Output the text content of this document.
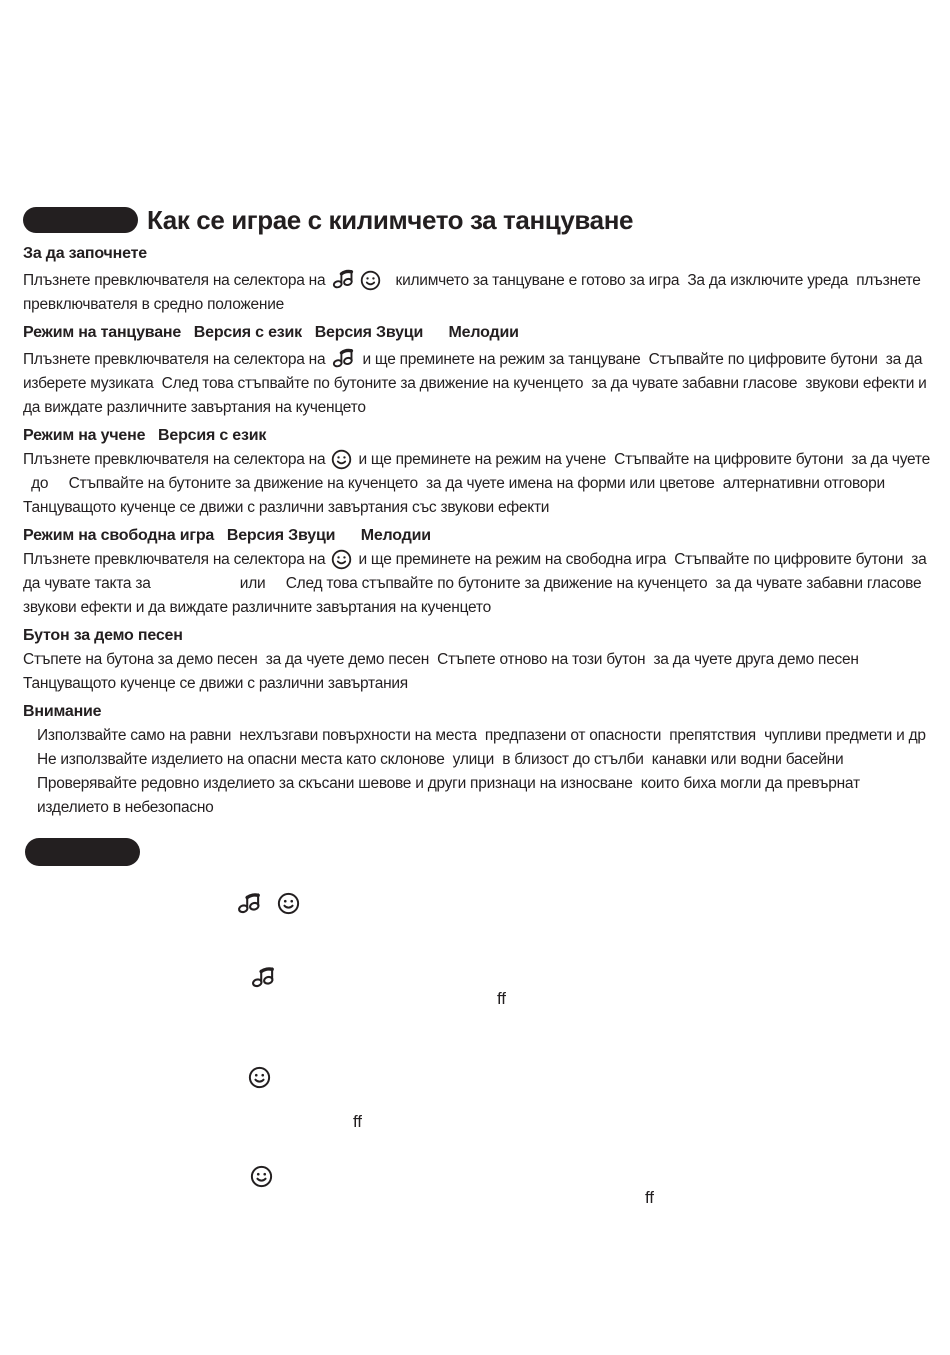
Как се играе с килимчето за танцуване
За да започнете

Плъзнете превключвателя на селектора на	килимчето за танцуване е готово за игра  За да изключите уреда  плъзнете

превключвателя в средно положение

Режим на танцуване   Версия с език   Версия Звуци      Мелодии

Плъзнете превключвателя на селектора на  и ще преминете на режим за танцуване  Стъпвайте по цифровите бутони  за да

изберете музиката  След това стъпвайте по бутоните за движение на кученцето  за да чувате забавни гласове  звукови ефекти и

да виждате различните завъртания на кученцето

Режим на учене   Версия с език

Плъзнете превключвателя на селектора на  и ще преминете на режим на учене  Стъпвайте на цифровите бутони  за да чуете

до     Стъпвайте на бутоните за движение на кученцето  за да чуете имена на форми или цветове  алтернативни отговори

Танцуващото кученце се движи с различни завъртания със звукови ефекти

Режим на свободна игра   Версия Звуци      Мелодии

Плъзнете превключвателя на селектора на  и ще преминете на режим на свободна игра  Стъпвайте по цифровите бутони  за

да чувате такта за                      или     След това стъпвайте по бутоните за движение на кученцето  за да чувате забавни гласове

звукови ефекти и да виждате различните завъртания на кученцето

Бутон за демо песен

Стъпете на бутона за демо песен  за да чуете демо песен  Стъпете отново на този бутон  за да чуете друга демо песен

Танцуващото кученце се движи с различни завъртания

Внимание

Използвайте само на равни  нехлъзгави повърхности на места  предпазени от опасности  препятствия  чупливи предмети и др

Не използвайте изделието на опасни места като склонове  улици  в близост до стълби  канавки или водни басейни

Проверявайте редовно изделието за скъсани шевове и други признаци на износване  които биха могли да превърнат

изделието в небезопасно

ff
ff
ff
